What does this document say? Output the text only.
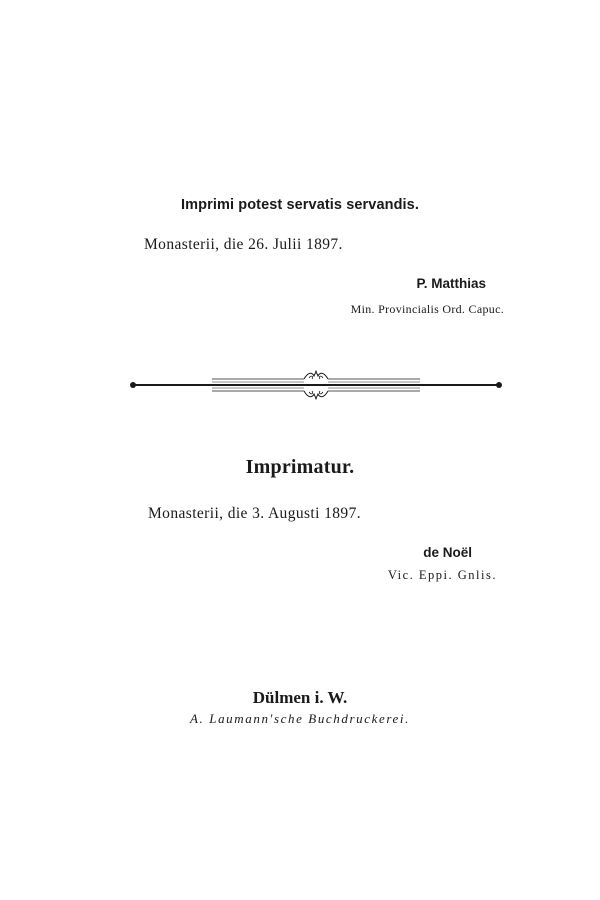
Imprimi potest servatis servandis.
Monasterii, die 26. Julii 1897.
P. Matthias
Min. Provincialis Ord. Capuc.
Imprimatur.
Monasterii, die 3. Augusti 1897.
de Noël
Vic. Eppi. Gnlis.
Dülmen i. W.
A. Laumann'sche Buchdruckerei.
